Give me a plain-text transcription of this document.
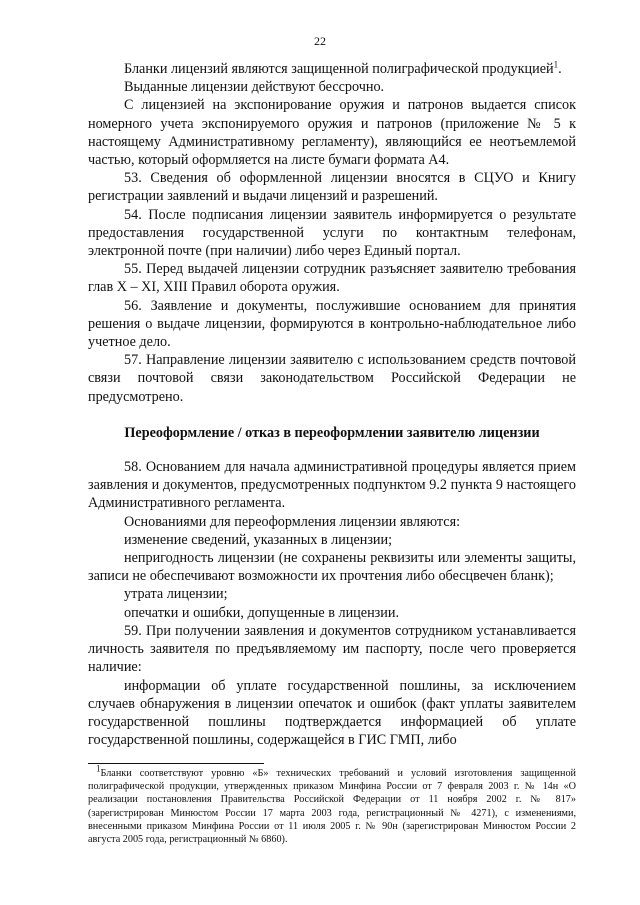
22

Бланки лицензий являются защищенной полиграфической продукцией$^1$.

Выданные лицензии действуют бессрочно.

С лицензией на экспонирование оружия и патронов выдается список номерного учета экспонируемого оружия и патронов (приложение № 5 к настоящему Административному регламенту), являющийся ее неотъемлемой частью, который оформляется на листе бумаги формата А4.

53. Сведения об оформленной лицензии вносятся в СЦУО и Книгу регистрации заявлений и выдачи лицензий и разрешений.

54. После подписания лицензии заявитель информируется о результате предоставления государственной услуги по контактным телефонам, электронной почте (при наличии) либо через Единый портал.

55. Перед выдачей лицензии сотрудник разъясняет заявителю требования глав X – XI, XIII Правил оборота оружия.

56. Заявление и документы, послужившие основанием для принятия решения о выдаче лицензии, формируются в контрольно-наблюдательное либо учетное дело.

57. Направление лицензии заявителю с использованием средств почтовой связи почтовой связи законодательством Российской Федерации не предусмотрено.

Переоформление / отказ в переоформлении заявителю лицензии

58. Основанием для начала административной процедуры является прием заявления и документов, предусмотренных подпунктом 9.2 пункта 9 настоящего Административного регламента.

Основаниями для переоформления лицензии являются:

изменение сведений, указанных в лицензии;

непригодность лицензии (не сохранены реквизиты или элементы защиты, записи не обеспечивают возможности их прочтения либо обесцвечен бланк);

утрата лицензии;

опечатки и ошибки, допущенные в лицензии.

59. При получении заявления и документов сотрудником устанавливается личность заявителя по предъявляемому им паспорту, после чего проверяется наличие:

информации об уплате государственной пошлины, за исключением случаев обнаружения в лицензии опечаток и ошибок (факт уплаты заявителем государственной пошлины подтверждается информацией об уплате государственной пошлины, содержащейся в ГИС ГМП, либо

$^1$Бланки соответствуют уровню «Б» технических требований и условий изготовления защищенной полиграфической продукции, утвержденных приказом Минфина России от 7 февраля 2003 г. № 14н «О реализации постановления Правительства Российской Федерации от 11 ноября 2002 г. № 817» (зарегистрирован Минюстом России 17 марта 2003 года, регистрационный № 4271), с изменениями, внесенными приказом Минфина России от 11 июля 2005 г. № 90н (зарегистрирован Минюстом России 2 августа 2005 года, регистрационный № 6860).
